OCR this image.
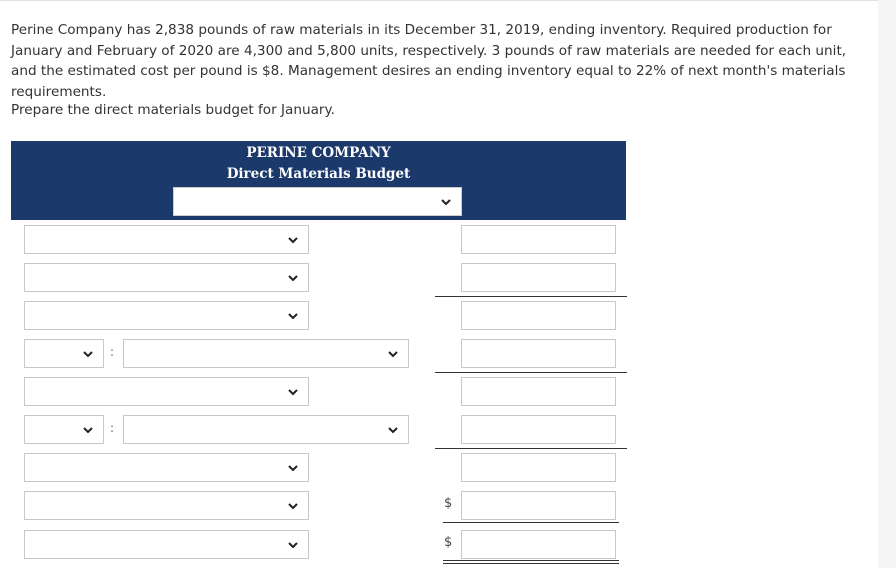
Perine Company has 2,838 pounds of raw materials in its December 31, 2019, ending inventory. Required production for January and February of 2020 are 4,300 and 5,800 units, respectively. 3 pounds of raw materials are needed for each unit, and the estimated cost per pound is $8. Management desires an ending inventory equal to 22% of next month's materials requirements.

Prepare the direct materials budget for January.

PERINE COMPANY

Direct Materials Budget

:
:
$
$
